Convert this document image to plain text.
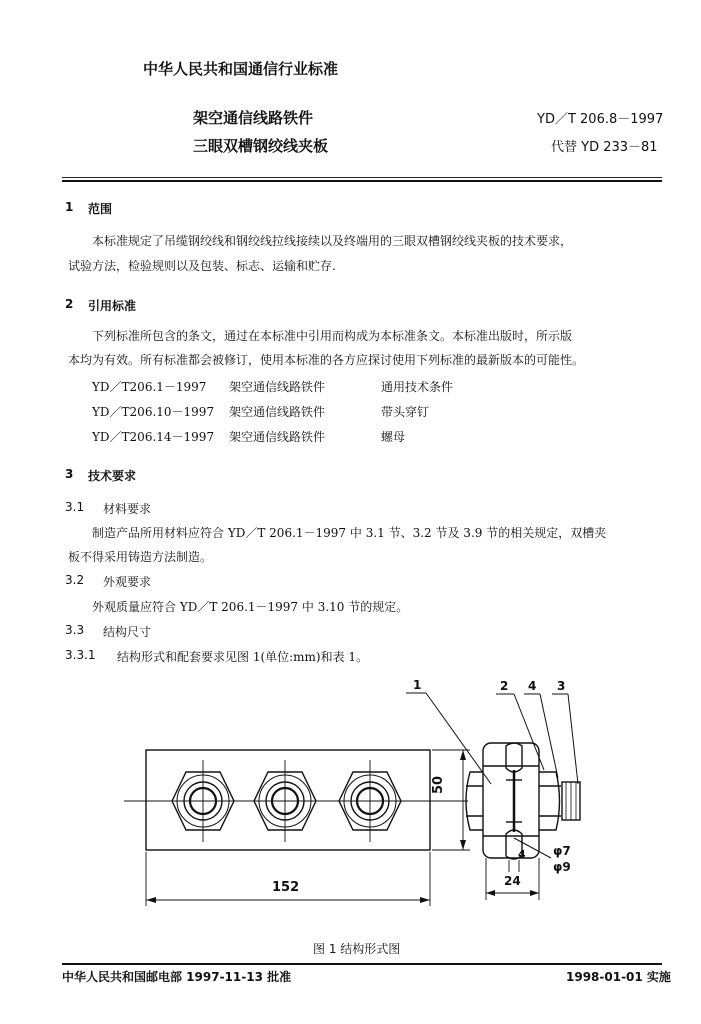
中华人民共和国通信行业标准
架空通信线路铁件
三眼双槽钢绞线夹板
YD／T 206.8－1997
代替 YD 233－81
1 范围
本标准规定了吊缆钢绞线和钢绞线拉线接续以及终端用的三眼双槽钢绞线夹板的技术要求，
试验方法，检验规则以及包装、标志、运输和贮存.
2 引用标准
下列标准所包含的条文，通过在本标准中引用而构成为本标准条文。本标准出版时，所示版
本均为有效。所有标准都会被修订，使用本标准的各方应探讨使用下列标准的最新版本的可能性。
YD／T206.1－1997 架空通信线路铁件	通用技术条件
YD／T206.10－1997 架空通信线路铁件	带头穿钉
YD／T206.14－1997 架空通信线路铁件	螺母
3 技术要求
3.1 材料要求
制造产品所用材料应符合 YD／T 206.1－1997 中 3.1 节、3.2 节及 3.9 节的相关规定，双槽夹
板不得采用铸造方法制造。
3.2 外观要求
外观质量应符合 YD／T 206.1－1997 中 3.10 节的规定。
3.3 结构尺寸
3.3.1 结构形式和配套要求见图 1(单位:mm)和表 1。
1	2 4 3
152
50
24
4 φ7
φ9
图 1 结构形式图
中华人民共和国邮电部 1997-11-13 批准	1998-01-01 实施
